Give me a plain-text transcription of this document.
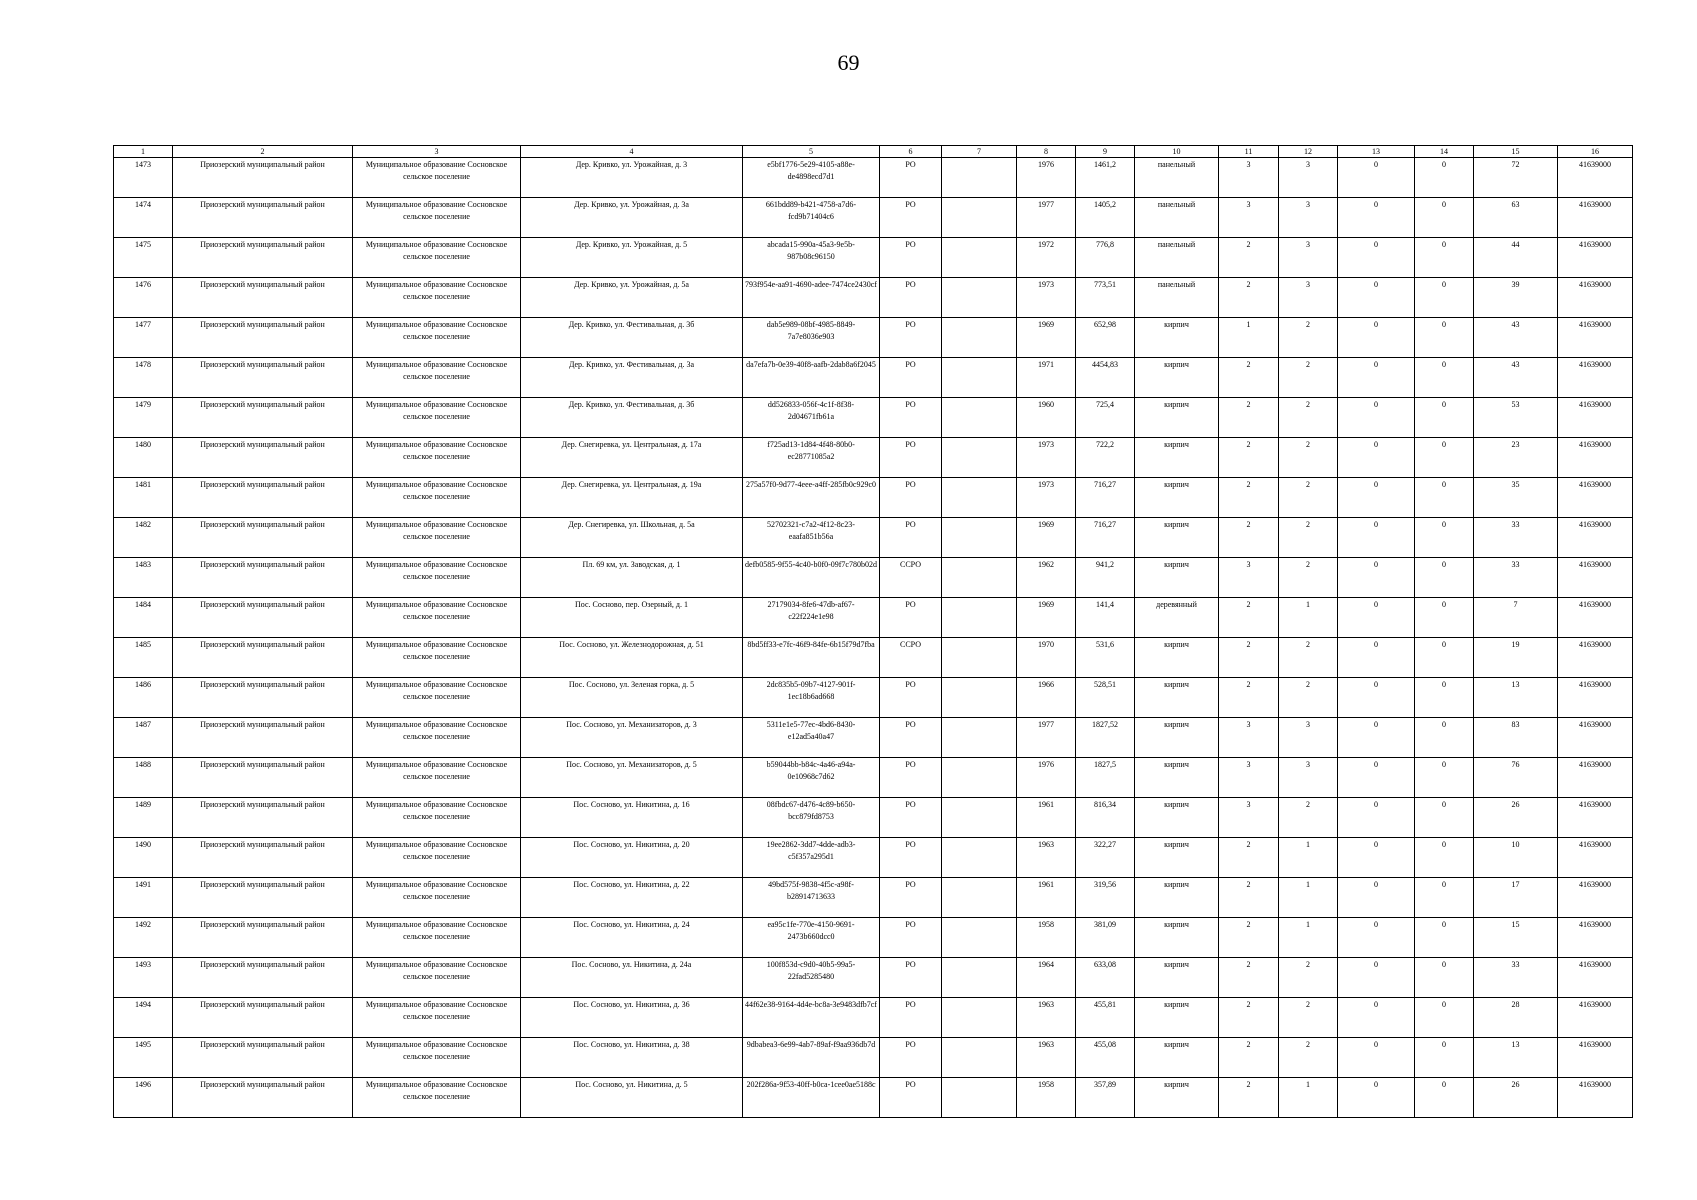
69
1	2	3	4	5	6	7	8	9	10	11	12	13	14	15	16
1473	Приозерский муниципальный район	Муниципальное образование Сосновское сельское поселение	Дер. Кривко, ул. Урожайная, д. 3	e5bf1776-5e29-4105-a88e-de4898ecd7d1	РО		1976	1461,2	панельный	3	3	0	0	72	41639000
1474	Приозерский муниципальный район	Муниципальное образование Сосновское сельское поселение	Дер. Кривко, ул. Урожайная, д. 3а	661bdd89-b421-4758-a7d6-fcd9b71404c6	РО		1977	1405,2	панельный	3	3	0	0	63	41639000
1475	Приозерский муниципальный район	Муниципальное образование Сосновское сельское поселение	Дер. Кривко, ул. Урожайная, д. 5	abcada15-990a-45a3-9e5b-987b08c96150	РО		1972	776,8	панельный	2	3	0	0	44	41639000
1476	Приозерский муниципальный район	Муниципальное образование Сосновское сельское поселение	Дер. Кривко, ул. Урожайная, д. 5а	793f954e-aa91-4690-adee-7474ce2430cf	РО		1973	773,51	панельный	2	3	0	0	39	41639000
1477	Приозерский муниципальный район	Муниципальное образование Сосновское сельское поселение	Дер. Кривко, ул. Фестивальная, д. 3б	dab5e989-08bf-4985-8849-7a7e8036e903	РО		1969	652,98	кирпич	1	2	0	0	43	41639000
1478	Приозерский муниципальный район	Муниципальное образование Сосновское сельское поселение	Дер. Кривко, ул. Фестивальная, д. 3а	da7efa7b-0e39-40f8-aafb-2dab8a6f2045	РО		1971	4454,83	кирпич	2	2	0	0	43	41639000
1479	Приозерский муниципальный район	Муниципальное образование Сосновское сельское поселение	Дер. Кривко, ул. Фестивальная, д. 3б	dd526833-056f-4c1f-8f38-2d04671fb61a	РО		1960	725,4	кирпич	2	2	0	0	53	41639000
1480	Приозерский муниципальный район	Муниципальное образование Сосновское сельское поселение	Дер. Снегиревка, ул. Центральная, д. 17а	f725ad13-1d84-4f48-80b0-ec28771085a2	РО		1973	722,2	кирпич	2	2	0	0	23	41639000
1481	Приозерский муниципальный район	Муниципальное образование Сосновское сельское поселение	Дер. Снегиревка, ул. Центральная, д. 19а	275a57f0-9d77-4eee-a4ff-285fb0c929c0	РО		1973	716,27	кирпич	2	2	0	0	35	41639000
1482	Приозерский муниципальный район	Муниципальное образование Сосновское сельское поселение	Дер. Снегиревка, ул. Школьная, д. 5а	52702321-c7a2-4f12-8c23-eaafa851b56a	РО		1969	716,27	кирпич	2	2	0	0	33	41639000
1483	Приозерский муниципальный район	Муниципальное образование Сосновское сельское поселение	Пл. 69 км, ул. Заводская, д. 1	defb0585-9f55-4c40-b0f0-09f7c780b02d	ССРО		1962	941,2	кирпич	3	2	0	0	33	41639000
1484	Приозерский муниципальный район	Муниципальное образование Сосновское сельское поселение	Пос. Сосново, пер. Озерный, д. 1	27179034-8fe6-47db-af67-c22f224e1e98	РО		1969	141,4	деревянный	2	1	0	0	7	41639000
1485	Приозерский муниципальный район	Муниципальное образование Сосновское сельское поселение	Пос. Сосново, ул. Железнодорожная, д. 51	8bd5ff33-e7fc-46f9-84fe-6b15f79d7fba	ССРО		1970	531,6	кирпич	2	2	0	0	19	41639000
1486	Приозерский муниципальный район	Муниципальное образование Сосновское сельское поселение	Пос. Сосново, ул. Зеленая горка, д. 5	2dc835b5-09b7-4127-901f-1ec18b6ad668	РО		1966	528,51	кирпич	2	2	0	0	13	41639000
1487	Приозерский муниципальный район	Муниципальное образование Сосновское сельское поселение	Пос. Сосново, ул. Механизаторов, д. 3	5311e1e5-77ec-4bd6-8430-e12ad5a40a47	РО		1977	1827,52	кирпич	3	3	0	0	83	41639000
1488	Приозерский муниципальный район	Муниципальное образование Сосновское сельское поселение	Пос. Сосново, ул. Механизаторов, д. 5	b59044bb-b84c-4a46-a94a-0e10968c7d62	РО		1976	1827,5	кирпич	3	3	0	0	76	41639000
1489	Приозерский муниципальный район	Муниципальное образование Сосновское сельское поселение	Пос. Сосново, ул. Никитина, д. 16	08fbdc67-d476-4c89-b650-bcc879fd8753	РО		1961	816,34	кирпич	3	2	0	0	26	41639000
1490	Приозерский муниципальный район	Муниципальное образование Сосновское сельское поселение	Пос. Сосново, ул. Никитина, д. 20	19ee2862-3dd7-4dde-adb3-c5f357a295d1	РО		1963	322,27	кирпич	2	1	0	0	10	41639000
1491	Приозерский муниципальный район	Муниципальное образование Сосновское сельское поселение	Пос. Сосново, ул. Никитина, д. 22	49bd575f-9838-4f5c-a98f-b28914713633	РО		1961	319,56	кирпич	2	1	0	0	17	41639000
1492	Приозерский муниципальный район	Муниципальное образование Сосновское сельское поселение	Пос. Сосново, ул. Никитина, д. 24	ea95c1fe-770e-4150-9691-2473b660dcc0	РО		1958	381,09	кирпич	2	1	0	0	15	41639000
1493	Приозерский муниципальный район	Муниципальное образование Сосновское сельское поселение	Пос. Сосново, ул. Никитина, д. 24а	100f853d-c9d0-40b5-99a5-22fad5285480	РО		1964	633,08	кирпич	2	2	0	0	33	41639000
1494	Приозерский муниципальный район	Муниципальное образование Сосновское сельское поселение	Пос. Сосново, ул. Никитина, д. 36	44f62e38-9164-4d4e-bc8a-3e9483dfb7cf	РО		1963	455,81	кирпич	2	2	0	0	28	41639000
1495	Приозерский муниципальный район	Муниципальное образование Сосновское сельское поселение	Пос. Сосново, ул. Никитина, д. 38	9dbabea3-6e99-4ab7-89af-f9aa936db7d	РО		1963	455,08	кирпич	2	2	0	0	13	41639000
1496	Приозерский муниципальный район	Муниципальное образование Сосновское сельское поселение	Пос. Сосново, ул. Никитина, д. 5	202f286a-9f53-40ff-b0ca-1cee0ae5188c	РО		1958	357,89	кирпич	2	1	0	0	26	41639000
